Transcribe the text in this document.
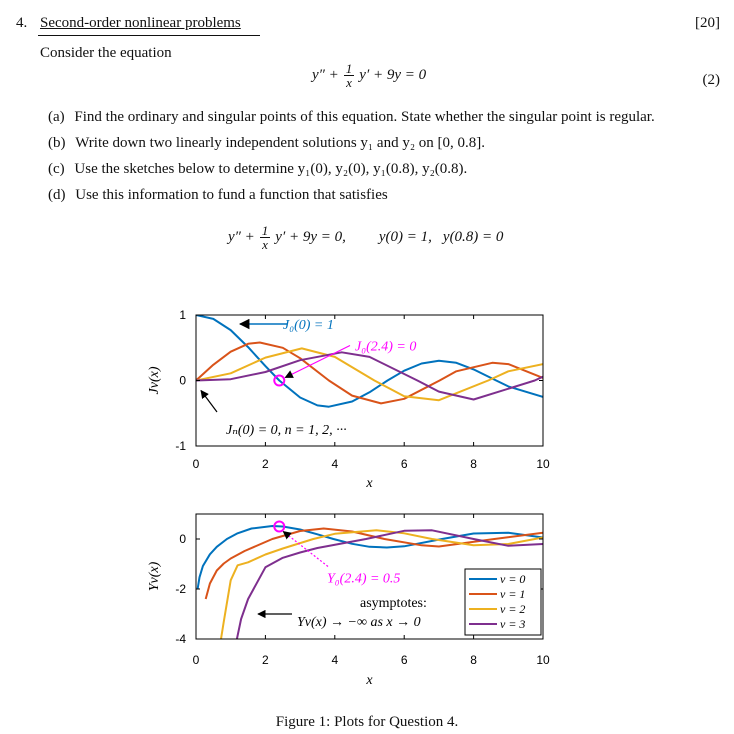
4. Second-order nonlinear problems	[20]
Consider the equation
$y'' + \frac{1}{x} y' + 9y = 0$	(2)
(a) Find the ordinary and singular points of this equation. State whether the singular point is regular.
(b) Write down two linearly independent solutions y₁ and y₂ on [0, 0.8].
(c) Use the sketches below to determine y₁(0), y₂(0), y₁(0.8), y₂(0.8).
(d) Use this information to fund a function that satisfies
$y'' + \frac{1}{x} y' + 9y = 0$, y(0) = 1, y(0.8) = 0
0	2	4	6	8	10
1
0
-1
x
Jν(x)
J₀(0) = 1
J₀(2.4) = 0
Jₙ(0) = 0, n = 1, 2, ···
0	2	4	6	8	10
0
-2
-4
x
Yν(x)	Y₀(2.4) = 0.5
asymptotes:
Yν(x) → −∞ as x → 0
ν = 0
ν = 1
ν = 2
ν = 3
Figure 1: Plots for Question 4.
